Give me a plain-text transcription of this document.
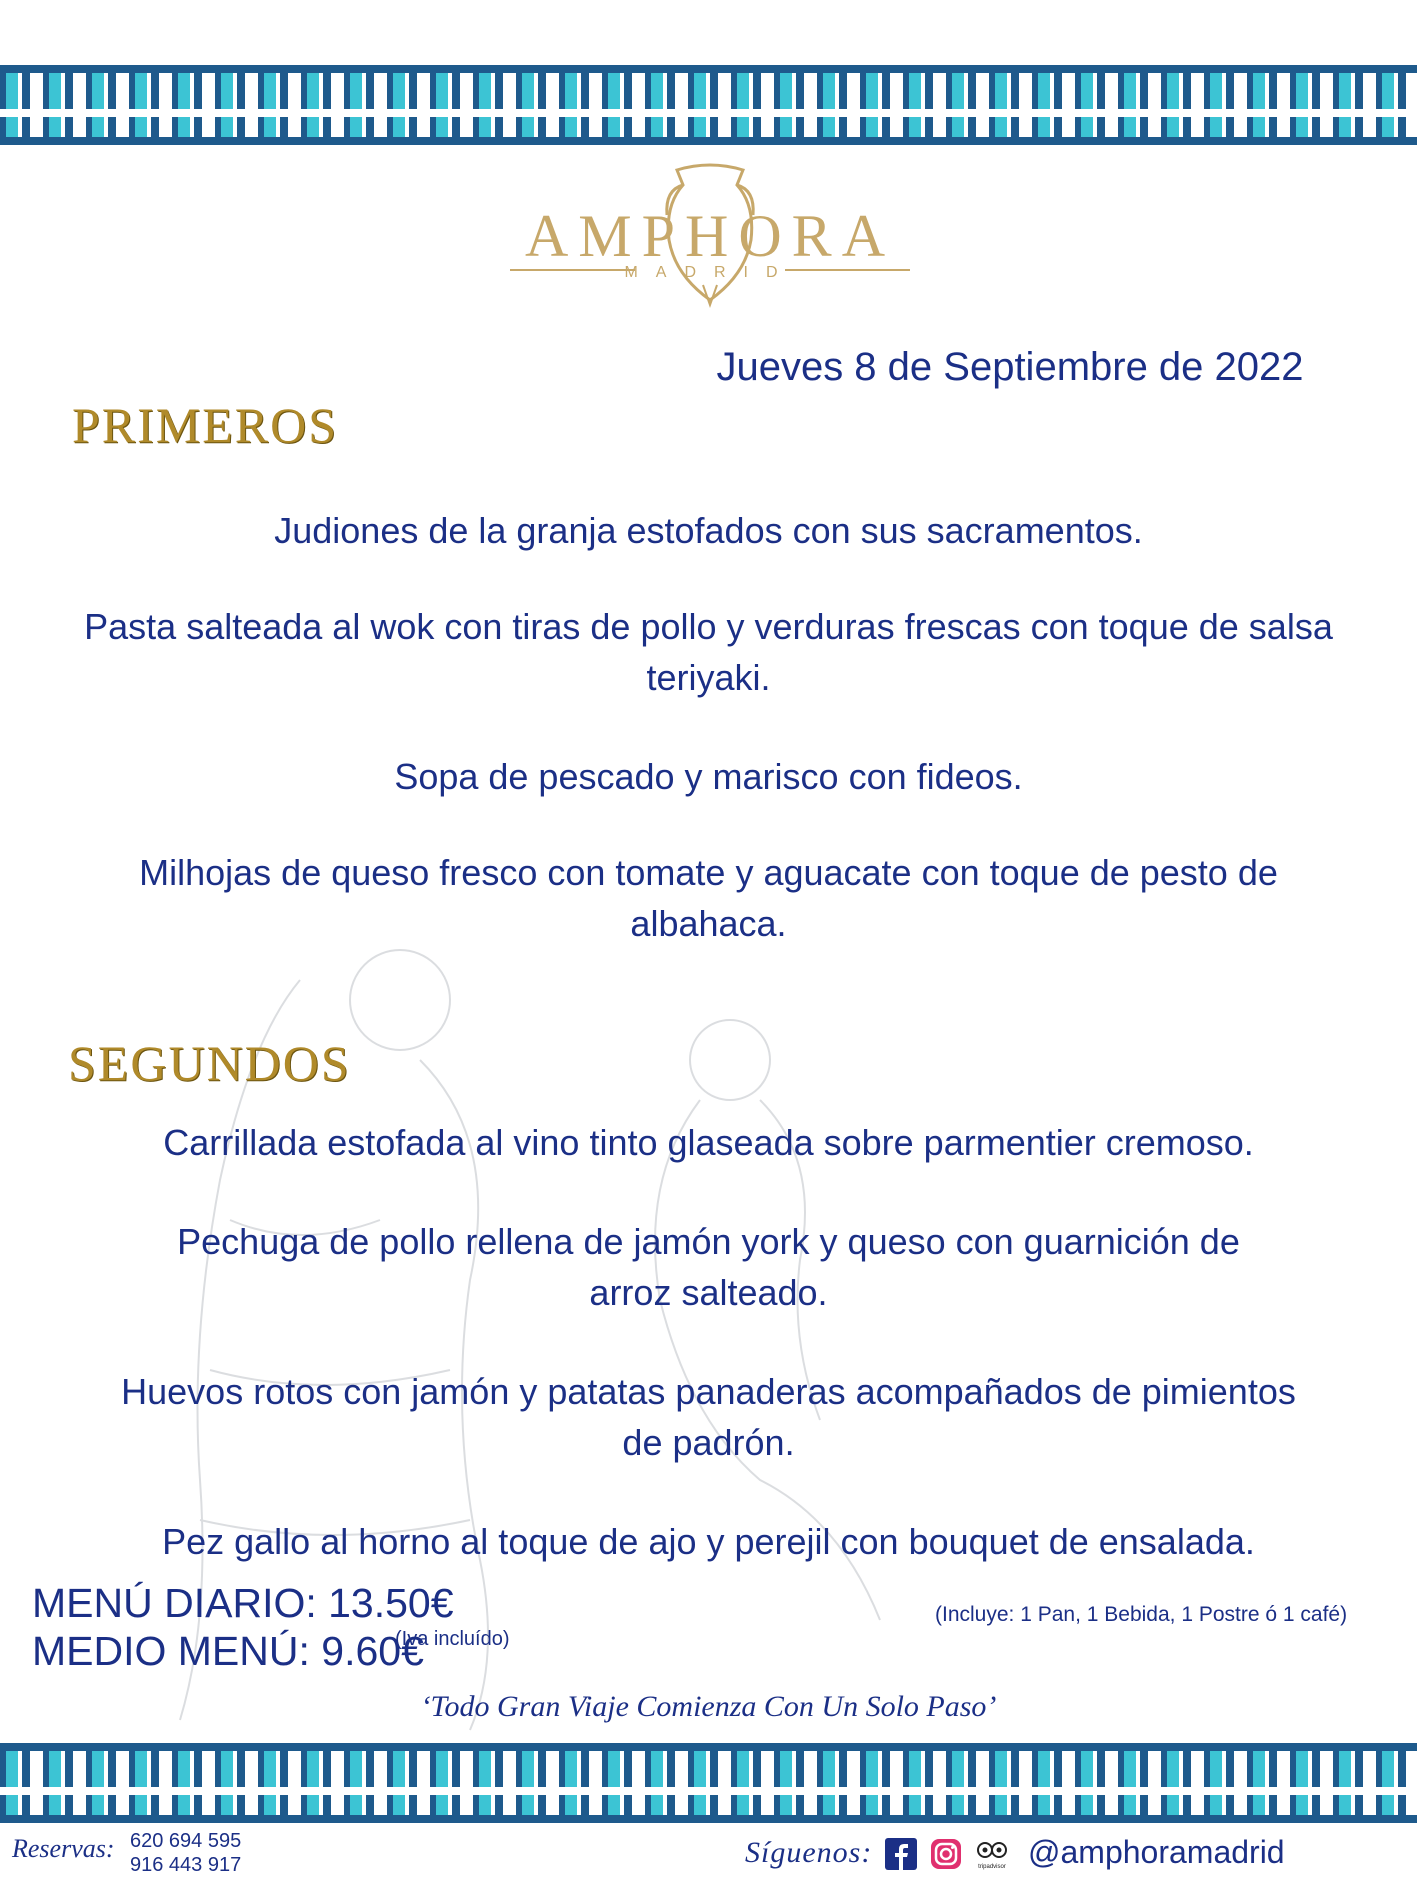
AMPHORA
MADRID
Jueves 8 de Septiembre de 2022
PRIMEROS
Judiones de la granja estofados con sus sacramentos.
Pasta salteada al wok con tiras de pollo y verduras frescas con toque de salsa teriyaki.
Sopa de pescado y marisco con fideos.
Milhojas de queso fresco con tomate y aguacate con toque de pesto de albahaca.
SEGUNDOS
Carrillada estofada al vino tinto glaseada sobre parmentier cremoso.
Pechuga de pollo rellena de jamón york y queso con guarnición de arroz salteado.
Huevos rotos con jamón y patatas panaderas acompañados de pimientos de padrón.
Pez gallo al horno al toque de ajo y perejil con bouquet de ensalada.
MENÚ DIARIO: 13.50€
MEDIO MENÚ: 9.60€
(Iva incluído)
(Incluye: 1 Pan, 1 Bebida, 1 Postre ó 1 café)
‘Todo Gran Viaje Comienza Con Un Solo Paso’
Reservas: 620 694 595
916 443 917	Síguenos:	tripadvisor @amphoramadrid
